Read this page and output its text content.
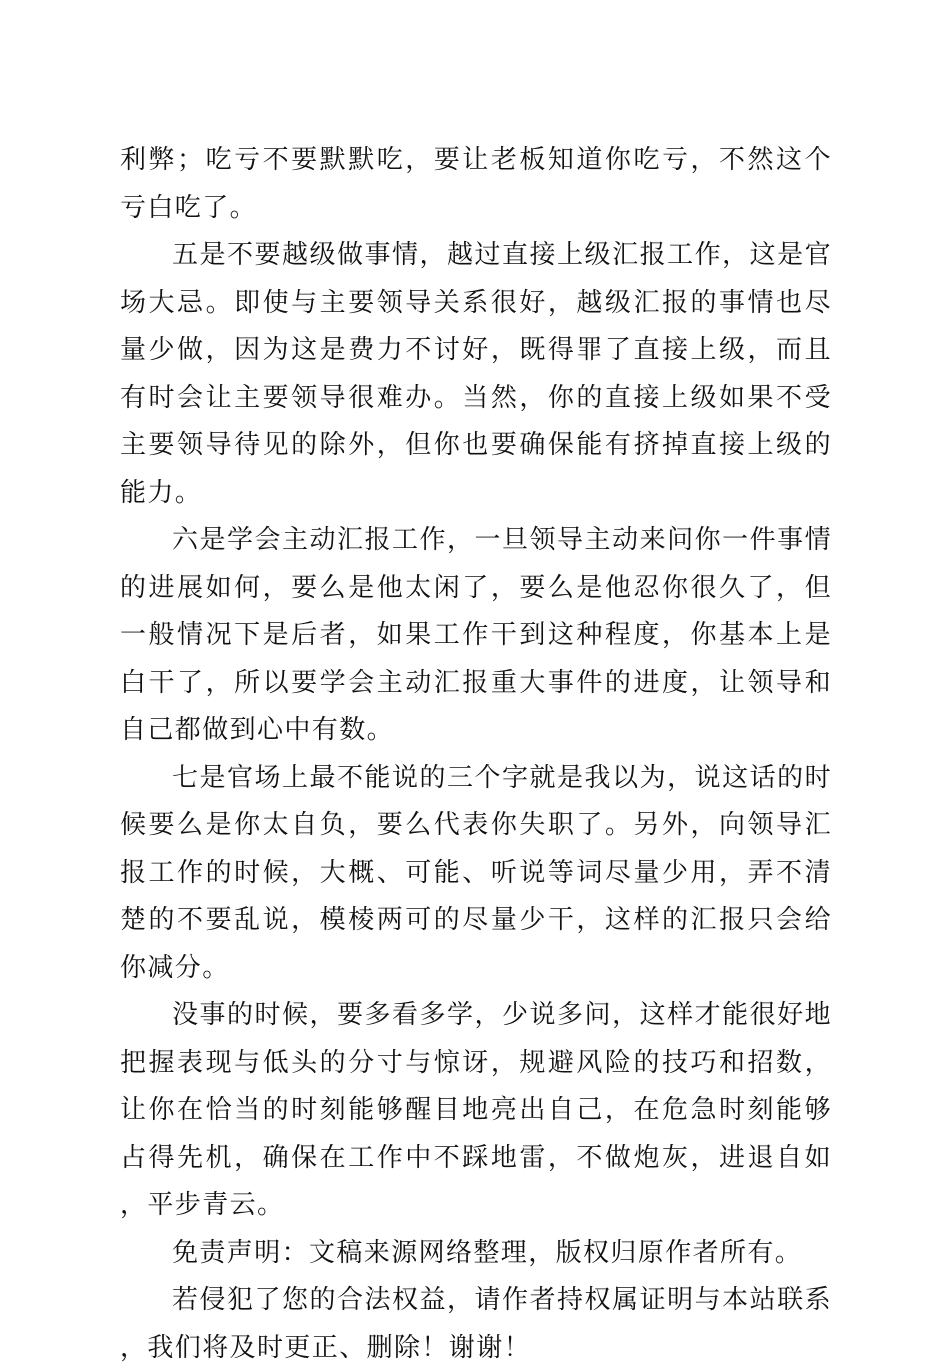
利弊；吃亏不要默默吃，要让老板知道你吃亏，不然这个亏白吃了。

五是不要越级做事情，越过直接上级汇报工作，这是官场大忌。即使与主要领导关系很好，越级汇报的事情也尽量少做，因为这是费力不讨好，既得罪了直接上级，而且有时会让主要领导很难办。当然，你的直接上级如果不受主要领导待见的除外，但你也要确保能有挤掉直接上级的能力。

六是学会主动汇报工作，一旦领导主动来问你一件事情的进展如何，要么是他太闲了，要么是他忍你很久了，但一般情况下是后者，如果工作干到这种程度，你基本上是白干了，所以要学会主动汇报重大事件的进度，让领导和自己都做到心中有数。

七是官场上最不能说的三个字就是我以为，说这话的时候要么是你太自负，要么代表你失职了。另外，向领导汇报工作的时候，大概、可能、听说等词尽量少用，弄不清楚的不要乱说，模棱两可的尽量少干，这样的汇报只会给你减分。

没事的时候，要多看多学，少说多问，这样才能很好地把握表现与低头的分寸与惊讶，规避风险的技巧和招数，让你在恰当的时刻能够醒目地亮出自己，在危急时刻能够占得先机，确保在工作中不踩地雷，不做炮灰，进退自如，平步青云。

免责声明：文稿来源网络整理，版权归原作者所有。

若侵犯了您的合法权益，请作者持权属证明与本站联系，我们将及时更正、删除！谢谢！
